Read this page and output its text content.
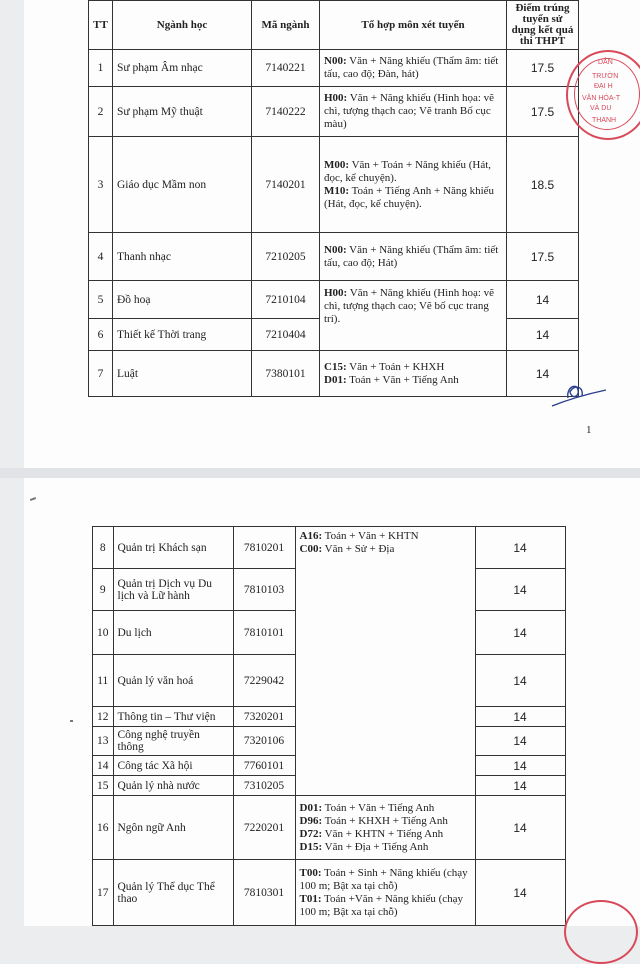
TT	Ngành học	Mã ngành	Tổ hợp môn xét tuyển	Điểm trúng tuyển sử dụng kết quả thi THPT
1	Sư phạm Âm nhạc	7140221	N00: Văn + Năng khiếu (Thẩm âm: tiết tấu, cao độ; Đàn, hát)	17.5
2	Sư phạm Mỹ thuật	7140222	H00: Văn + Năng khiếu (Hình họa: vẽ chì, tượng thạch cao; Vẽ tranh Bố cục màu)	17.5
3	Giáo dục Mầm non	7140201	M00: Văn + Toán + Năng khiếu (Hát, đọc, kể chuyện).
M10: Toán + Tiếng Anh + Năng khiếu (Hát, đọc, kể chuyện).	18.5
4	Thanh nhạc	7210205	N00: Văn + Năng khiếu (Thẩm âm: tiết tấu, cao độ; Hát)	17.5
5	Đồ hoạ	7210104	H00: Văn + Năng khiếu (Hình hoạ: vẽ chì, tượng thạch cao; Vẽ bố cục trang trí).	14
6	Thiết kế Thời trang	7210404		14
7	Luật	7380101	C15: Văn + Toán + KHXH
D01: Toán + Văn + Tiếng Anh	14
1
DÂN
TRƯỜN
ĐẠI H
VĂN HÓA-T
VÀ DU
THANH
8	Quản trị Khách sạn	7810201	A16: Toán + Văn + KHTN
C00: Văn + Sử + Địa	14
9	Quản trị Dịch vụ Du lịch và Lữ hành	7810103		14
10	Du lịch	7810101		14
11	Quản lý văn hoá	7229042		14
12	Thông tin – Thư viện	7320201		14
13	Công nghệ truyền thông	7320106		14
14	Công tác Xã hội	7760101		14
15	Quản lý nhà nước	7310205		14
16	Ngôn ngữ Anh	7220201	D01: Toán + Văn + Tiếng Anh
D96: Toán + KHXH + Tiếng Anh
D72: Văn + KHTN + Tiếng Anh
D15: Văn + Địa + Tiếng Anh	14
17	Quản lý Thể dục Thể thao	7810301	T00: Toán + Sinh + Năng khiếu (chạy 100 m; Bật xa tại chỗ)
T01: Toán +Văn + Năng khiếu (chạy 100 m; Bật xa tại chỗ)	14
